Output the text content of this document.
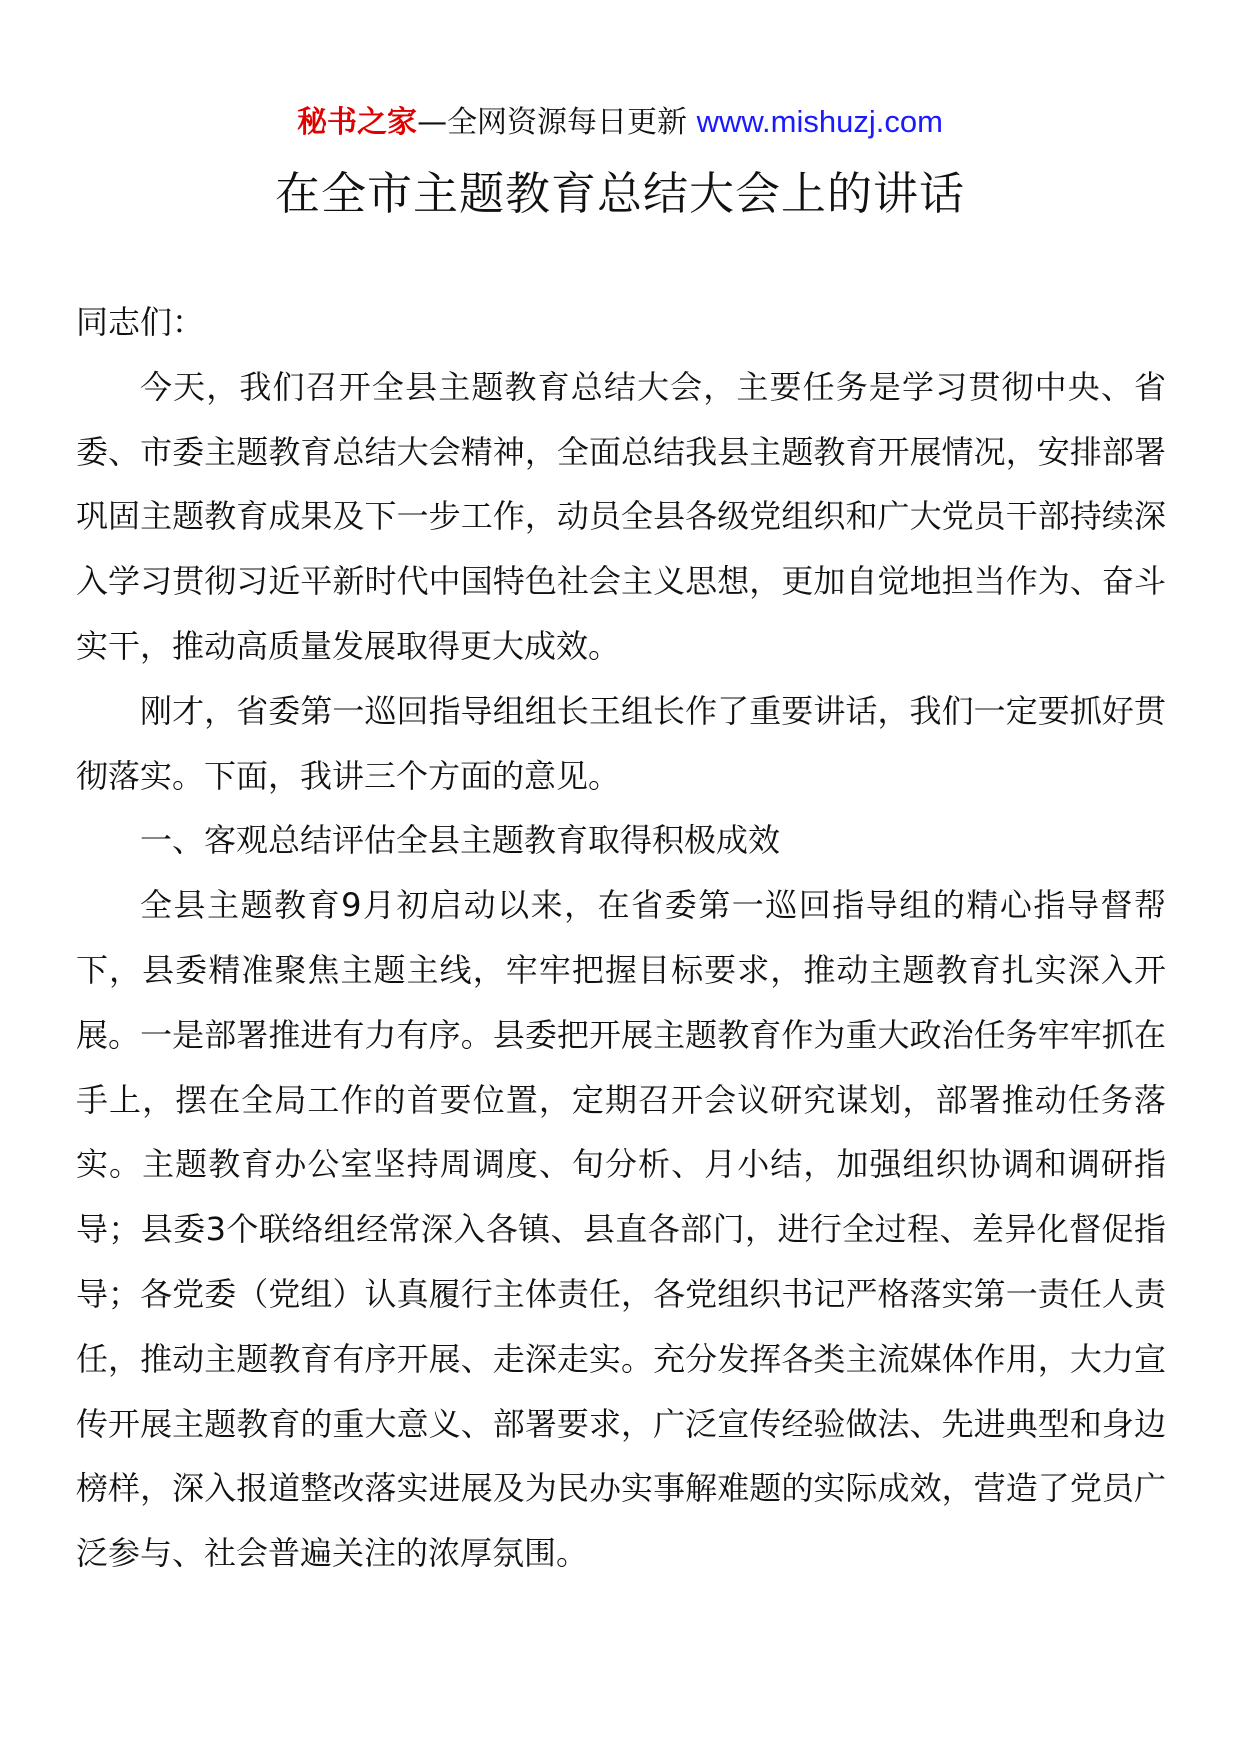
秘书之家—全网资源每日更新 www.mishuzj.com
在全市主题教育总结大会上的讲话

同志们：

今天，我们召开全县主题教育总结大会，主要任务是学习贯彻中央、省委、市委主题教育总结大会精神，全面总结我县主题教育开展情况，安排部署巩固主题教育成果及下一步工作，动员全县各级党组织和广大党员干部持续深入学习贯彻习近平新时代中国特色社会主义思想，更加自觉地担当作为、奋斗实干，推动高质量发展取得更大成效。

刚才，省委第一巡回指导组组长王组长作了重要讲话，我们一定要抓好贯彻落实。下面，我讲三个方面的意见。

一、客观总结评估全县主题教育取得积极成效

全县主题教育9月初启动以来，在省委第一巡回指导组的精心指导督帮下，县委精准聚焦主题主线，牢牢把握目标要求，推动主题教育扎实深入开展。一是部署推进有力有序。县委把开展主题教育作为重大政治任务牢牢抓在手上，摆在全局工作的首要位置，定期召开会议研究谋划，部署推动任务落实。主题教育办公室坚持周调度、旬分析、月小结，加强组织协调和调研指导；县委3个联络组经常深入各镇、县直各部门，进行全过程、差异化督促指导；各党委（党组）认真履行主体责任，各党组织书记严格落实第一责任人责任，推动主题教育有序开展、走深走实。充分发挥各类主流媒体作用，大力宣传开展主题教育的重大意义、部署要求，广泛宣传经验做法、先进典型和身边榜样，深入报道整改落实进展及为民办实事解难题的实际成效，营造了党员广泛参与、社会普遍关注的浓厚氛围。
